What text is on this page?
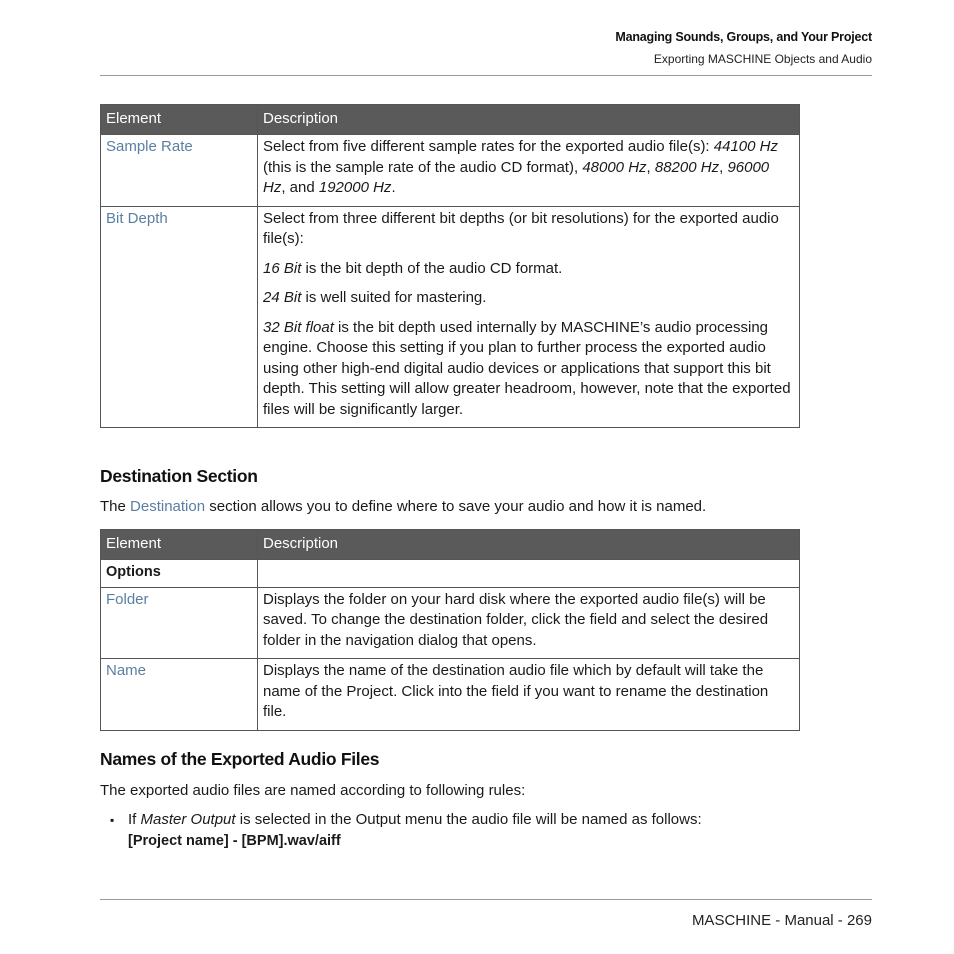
Managing Sounds, Groups, and Your Project
Exporting MASCHINE Objects and Audio
Element	Description
Sample Rate	Select from five different sample rates for the exported audio file(s): 44100 Hz (this is the sample rate of the audio CD format), 48000 Hz, 88200 Hz, 96000 Hz, and 192000 Hz.
Bit Depth	Select from three different bit depths (or bit resolutions) for the exported audio file(s):

16 Bit is the bit depth of the audio CD format.

24 Bit is well suited for mastering.

32 Bit float is the bit depth used internally by MASCHINE’s audio processing engine. Choose this setting if you plan to further process the exported audio using other high-end digital audio devices or applications that support this bit depth. This setting will allow greater headroom, however, note that the exported files will be significantly larger.

Destination Section

The Destination section allows you to define where to save your audio and how it is named.

Element	Description
Options	
Folder	Displays the folder on your hard disk where the exported audio file(s) will be saved. To change the destination folder, click the field and select the desired folder in the navigation dialog that opens.
Name	Displays the name of the destination audio file which by default will take the name of the Project. Click into the field if you want to rename the destination file.
Names of the Exported Audio Files

The exported audio files are named according to following rules:

▪ If Master Output is selected in the Output menu the audio file will be named as follows:
[Project name] - [BPM].wav/aiff
MASCHINE - Manual - 269
